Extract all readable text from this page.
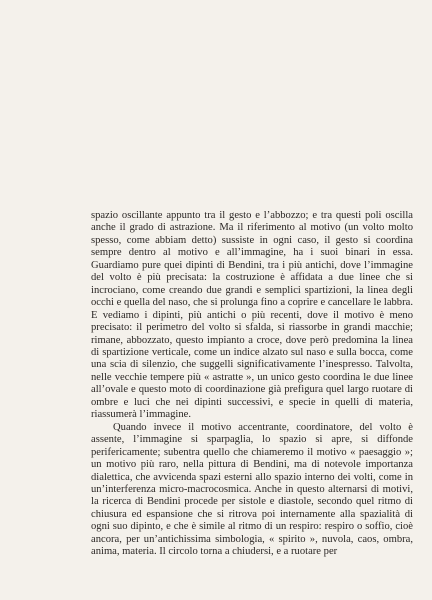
spazio oscillante appunto tra il gesto e l’abbozzo; e tra questi poli oscilla anche il grado di astrazione. Ma il riferimento al motivo (un volto molto spesso, come abbiam detto) sussiste in ogni caso, il gesto si coordina sempre dentro al motivo e all’immagine, ha i suoi binari in essa. Guardiamo pure quei dipinti di Bendini, tra i più antichi, dove l’immagine del volto è più precisata: la costruzione è affidata a due linee che si incrociano, come creando due grandi e semplici spartizioni, la linea degli occhi e quella del naso, che si prolunga fino a coprire e cancellare le labbra. E vediamo i dipinti, più antichi o più recenti, dove il motivo è meno precisato: il perimetro del volto si sfalda, si riassorbe in grandi macchie; rimane, abbozzato, questo impianto a croce, dove però predomina la linea di spartizione verticale, come un indice alzato sul naso e sulla bocca, come una scia di silenzio, che suggelli significativamente l’inespresso. Talvolta, nelle vecchie tempere più « astratte », un unico gesto coordina le due linee all’ovale e questo moto di coordinazione già prefigura quel largo ruotare di ombre e luci che nei dipinti successivi, e specie in quelli di materia, riassumerà l’immagine.

Quando invece il motivo accentrante, coordinatore, del volto è assente, l’immagine si sparpaglia, lo spazio si apre, si diffonde perifericamente; subentra quello che chiameremo il motivo « paesaggio »; un motivo più raro, nella pittura di Bendini, ma di notevole importanza dialettica, che avvicenda spazi esterni allo spazio interno dei volti, come in un’interferenza micro-macrocosmica. Anche in questo alternarsi di motivi, la ricerca di Bendini procede per sistole e diastole, secondo quel ritmo di chiusura ed espansione che si ritrova poi internamente alla spazialità di ogni suo dipinto, e che è simile al ritmo di un respiro: respiro o soffio, cioè ancora, per un’antichissima simbologia, « spirito », nuvola, caos, ombra, anima, materia. Il circolo torna a chiudersi, e a ruotare per
